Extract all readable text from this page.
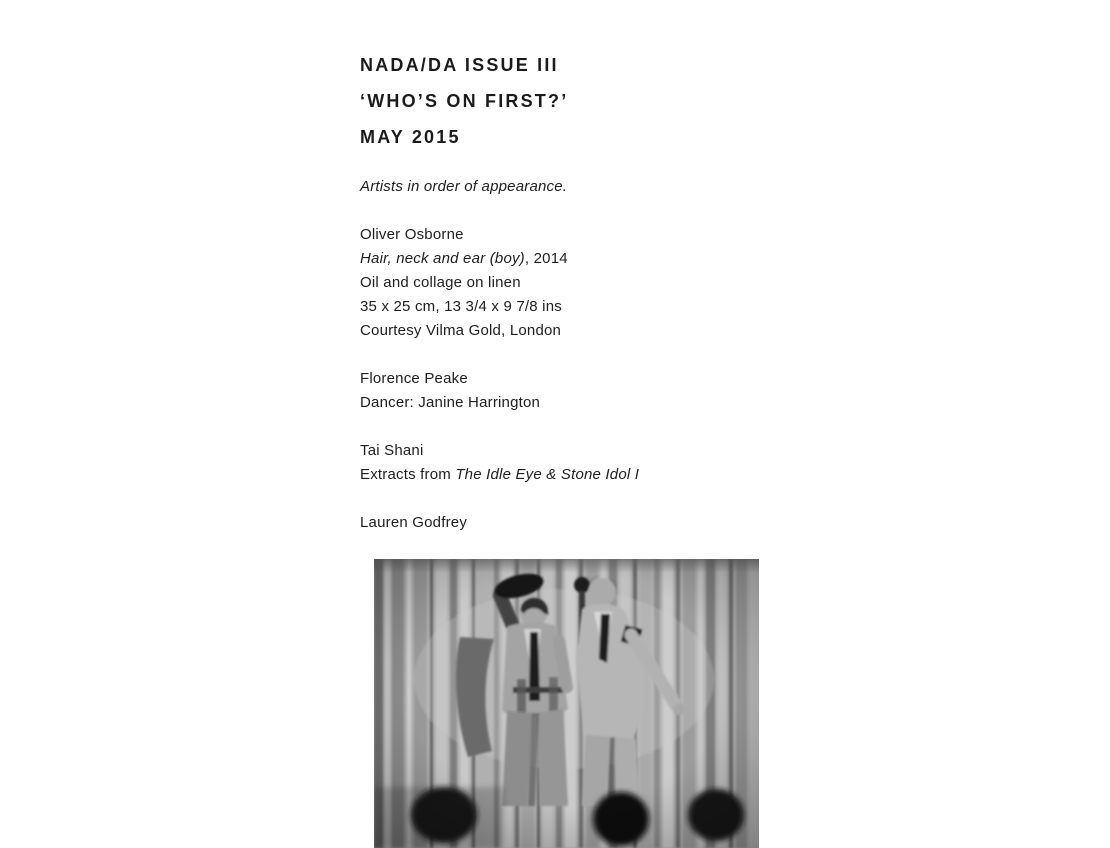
NADA/DA ISSUE III
‘WHO’S ON FIRST?’
MAY 2015

Artists in order of appearance.

Oliver Osborne
Hair, neck and ear (boy), 2014
Oil and collage on linen
35 x 25 cm, 13 3/4 x 9 7/8 ins
Courtesy Vilma Gold, London

Florence Peake
Dancer: Janine Harrington

Tai Shani
Extracts from The Idle Eye & Stone Idol I

Lauren Godfrey
